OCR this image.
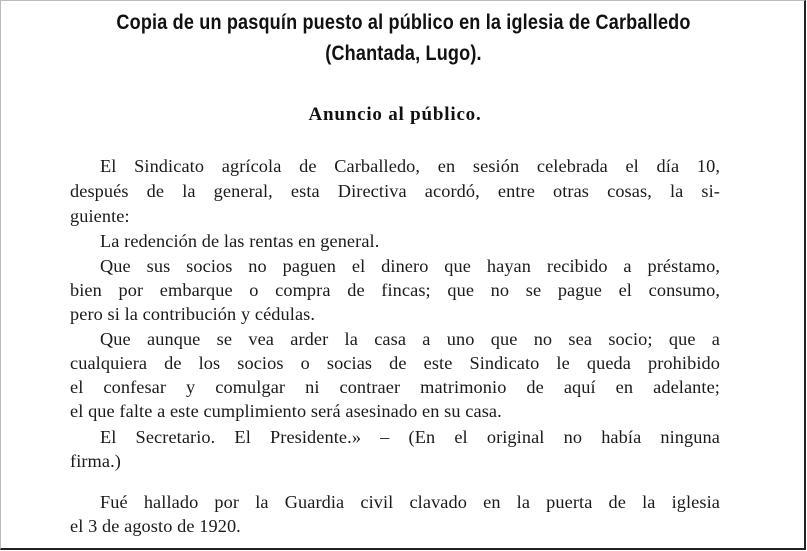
Copia de un pasquín puesto al público en la iglesia de Carballedo
(Chantada, Lugo).
Anuncio al público.
El Sindicato agrícola de Carballedo, en sesión celebrada el día 10,
después de la general, esta Directiva acordó, entre otras cosas, la si-
guiente:
La redención de las rentas en general.
Que sus socios no paguen el dinero que hayan recibido a préstamo,
bien por embarque o compra de fincas; que no se pague el consumo,
pero si la contribución y cédulas.
Que aunque se vea arder la casa a uno que no sea socio; que a
cualquiera de los socios o socias de este Sindicato le queda prohibido
el confesar y comulgar ni contraer matrimonio de aquí en adelante;
el que falte a este cumplimiento será asesinado en su casa.
El Secretario. El Presidente.» – (En el original no había ninguna
firma.)
Fué hallado por la Guardia civil clavado en la puerta de la iglesia
el 3 de agosto de 1920.
